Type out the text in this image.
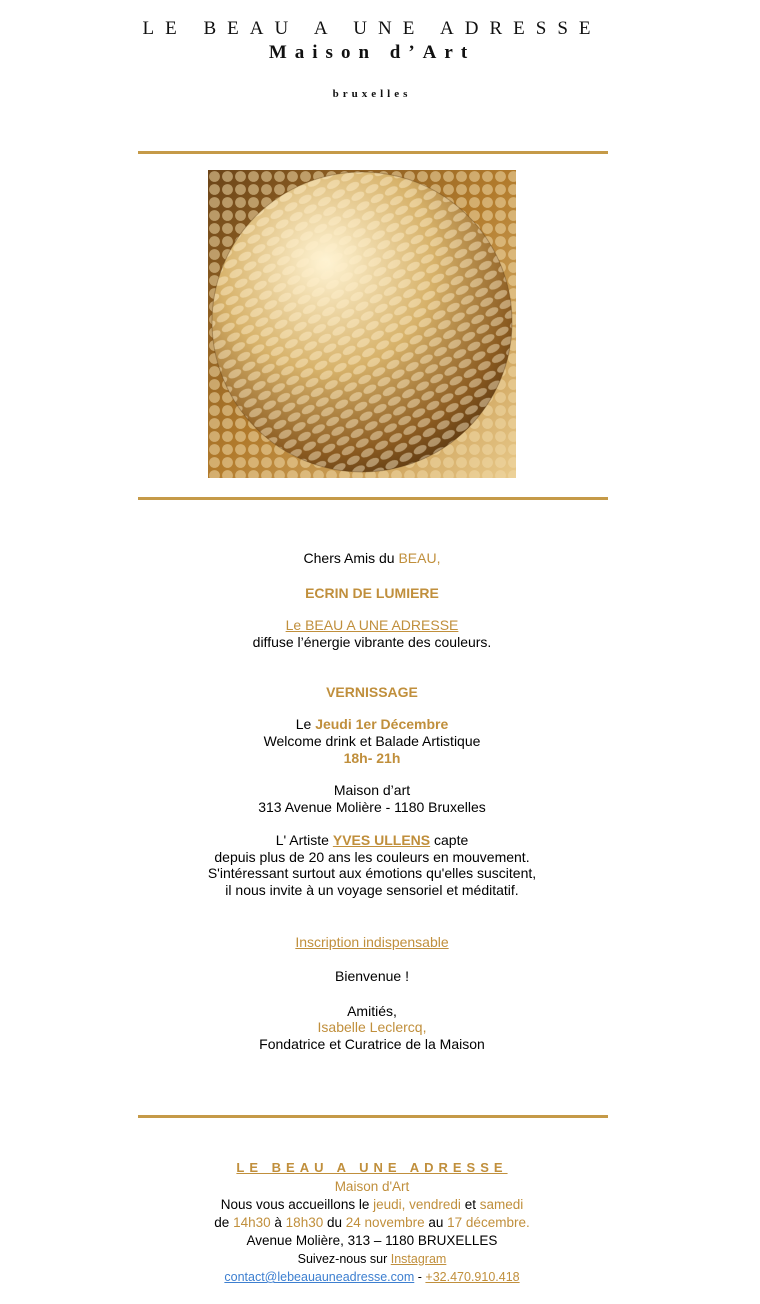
LE BEAU A UNE ADRESSE
Maison d’Art
bruxelles
Chers Amis du BEAU,
ECRIN DE LUMIERE
Le BEAU A UNE ADRESSE
diffuse l’énergie vibrante des couleurs.
VERNISSAGE
Le Jeudi 1er Décembre
Welcome drink et Balade Artistique
18h- 21h
Maison d’art
313 Avenue Molière - 1180 Bruxelles
L' Artiste YVES ULLENS capte
depuis plus de 20 ans les couleurs en mouvement.
S'intéressant surtout aux émotions qu'elles suscitent,
il nous invite à un voyage sensoriel et méditatif.
Inscription indispensable
Bienvenue !
Amitiés,
Isabelle Leclercq,
Fondatrice et Curatrice de la Maison
LE BEAU A UNE ADRESSE
Maison d'Art
Nous vous accueillons le jeudi, vendredi et samedi
de 14h30 à 18h30 du 24 novembre au 17 décembre.
Avenue Molière, 313 – 1180 BRUXELLES
Suivez-nous sur Instagram
contact@lebeauauneadresse.com - +32.470.910.418
